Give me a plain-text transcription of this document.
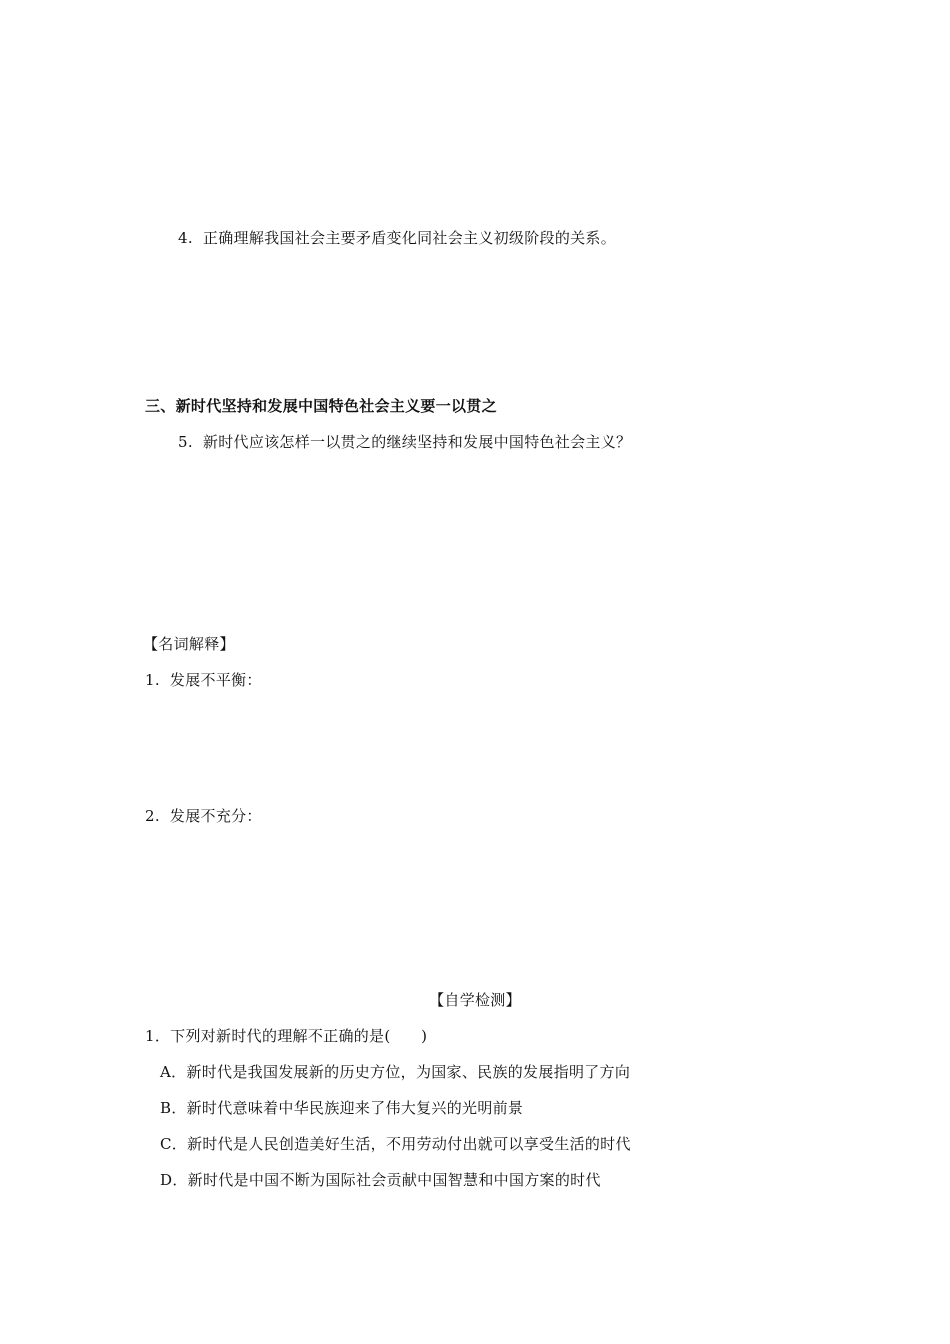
4. 正确理解我国社会主要矛盾变化同社会主义初级阶段的关系。
三、新时代坚持和发展中国特色社会主义要一以贯之
5. 新时代应该怎样一以贯之的继续坚持和发展中国特色社会主义？
【名词解释】
1. 发展不平衡：
2. 发展不充分：
【自学检测】
1．下列对新时代的理解不正确的是(　　)
A．新时代是我国发展新的历史方位，为国家、民族的发展指明了方向
B．新时代意味着中华民族迎来了伟大复兴的光明前景
C．新时代是人民创造美好生活，不用劳动付出就可以享受生活的时代
D．新时代是中国不断为国际社会贡献中国智慧和中国方案的时代
